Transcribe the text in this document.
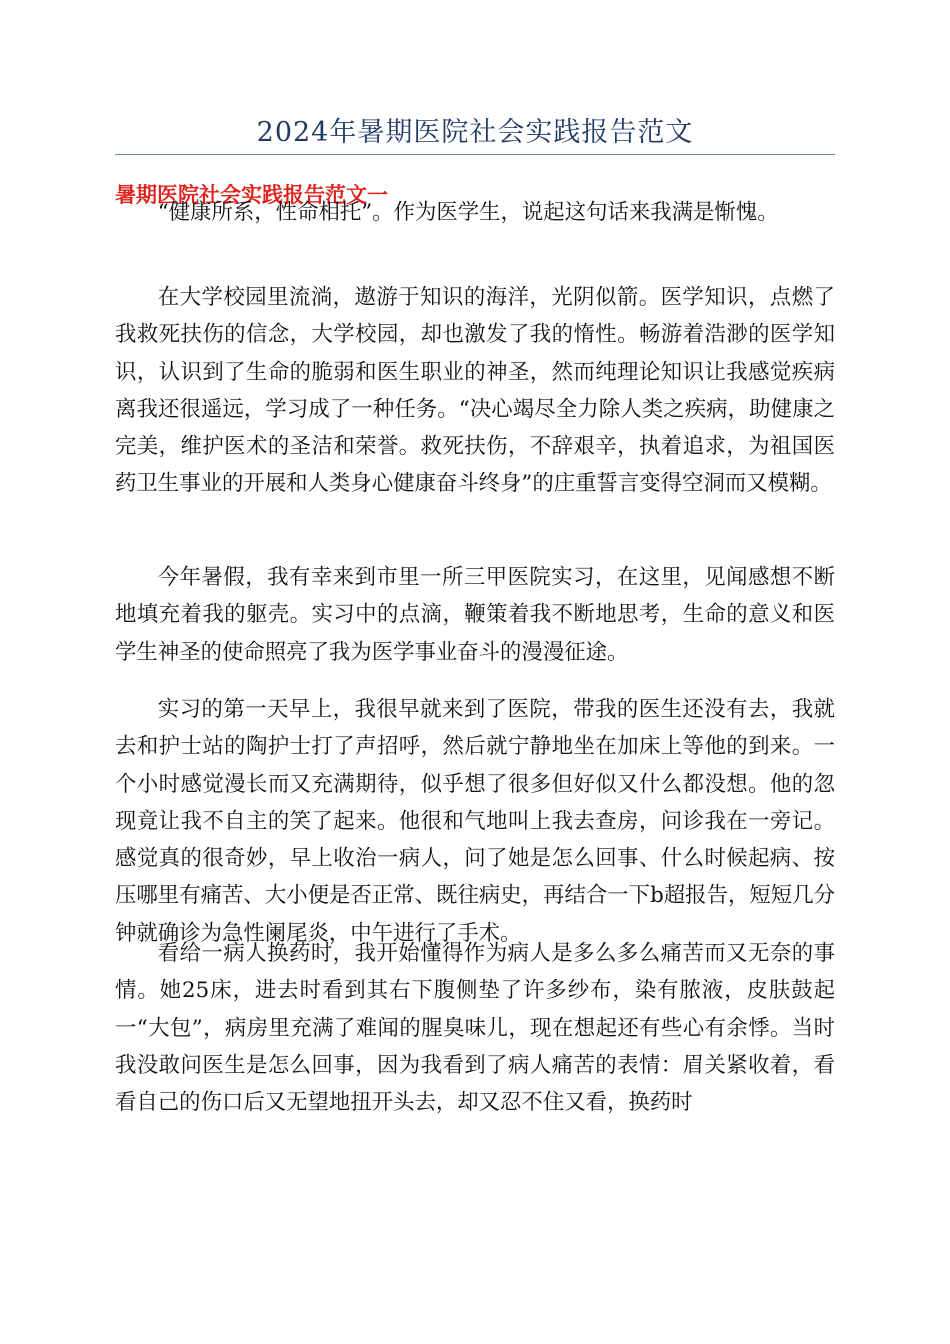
2024年暑期医院社会实践报告范文
暑期医院社会实践报告范文一

“健康所系，性命相托”。作为医学生，说起这句话来我满是惭愧。

在大学校园里流淌，遨游于知识的海洋，光阴似箭。医学知识，点燃了我救死扶伤的信念，大学校园，却也激发了我的惰性。畅游着浩渺的医学知识，认识到了生命的脆弱和医生职业的神圣，然而纯理论知识让我感觉疾病离我还很遥远，学习成了一种任务。“决心竭尽全力除人类之疾病，助健康之完美，维护医术的圣洁和荣誉。救死扶伤，不辞艰辛，执着追求，为祖国医药卫生事业的开展和人类身心健康奋斗终身”的庄重誓言变得空洞而又模糊。

今年暑假，我有幸来到市里一所三甲医院实习，在这里，见闻感想不断地填充着我的躯壳。实习中的点滴，鞭策着我不断地思考，生命的意义和医学生神圣的使命照亮了我为医学事业奋斗的漫漫征途。

实习的第一天早上，我很早就来到了医院，带我的医生还没有去，我就去和护士站的陶护士打了声招呼，然后就宁静地坐在加床上等他的到来。一个小时感觉漫长而又充满期待，似乎想了很多但好似又什么都没想。他的忽现竟让我不自主的笑了起来。他很和气地叫上我去查房，问诊我在一旁记。感觉真的很奇妙，早上收治一病人，问了她是怎么回事、什么时候起病、按压哪里有痛苦、大小便是否正常、既往病史，再结合一下b超报告，短短几分钟就确诊为急性阑尾炎，中午进行了手术。

看给一病人换药时，我开始懂得作为病人是多么多么痛苦而又无奈的事情。她25床，进去时看到其右下腹侧垫了许多纱布，染有脓液，皮肤鼓起一“大包”，病房里充满了难闻的腥臭味儿，现在想起还有些心有余悸。当时我没敢问医生是怎么回事，因为我看到了病人痛苦的表情：眉关紧收着，看看自己的伤口后又无望地扭开头去，却又忍不住又看，换药时
